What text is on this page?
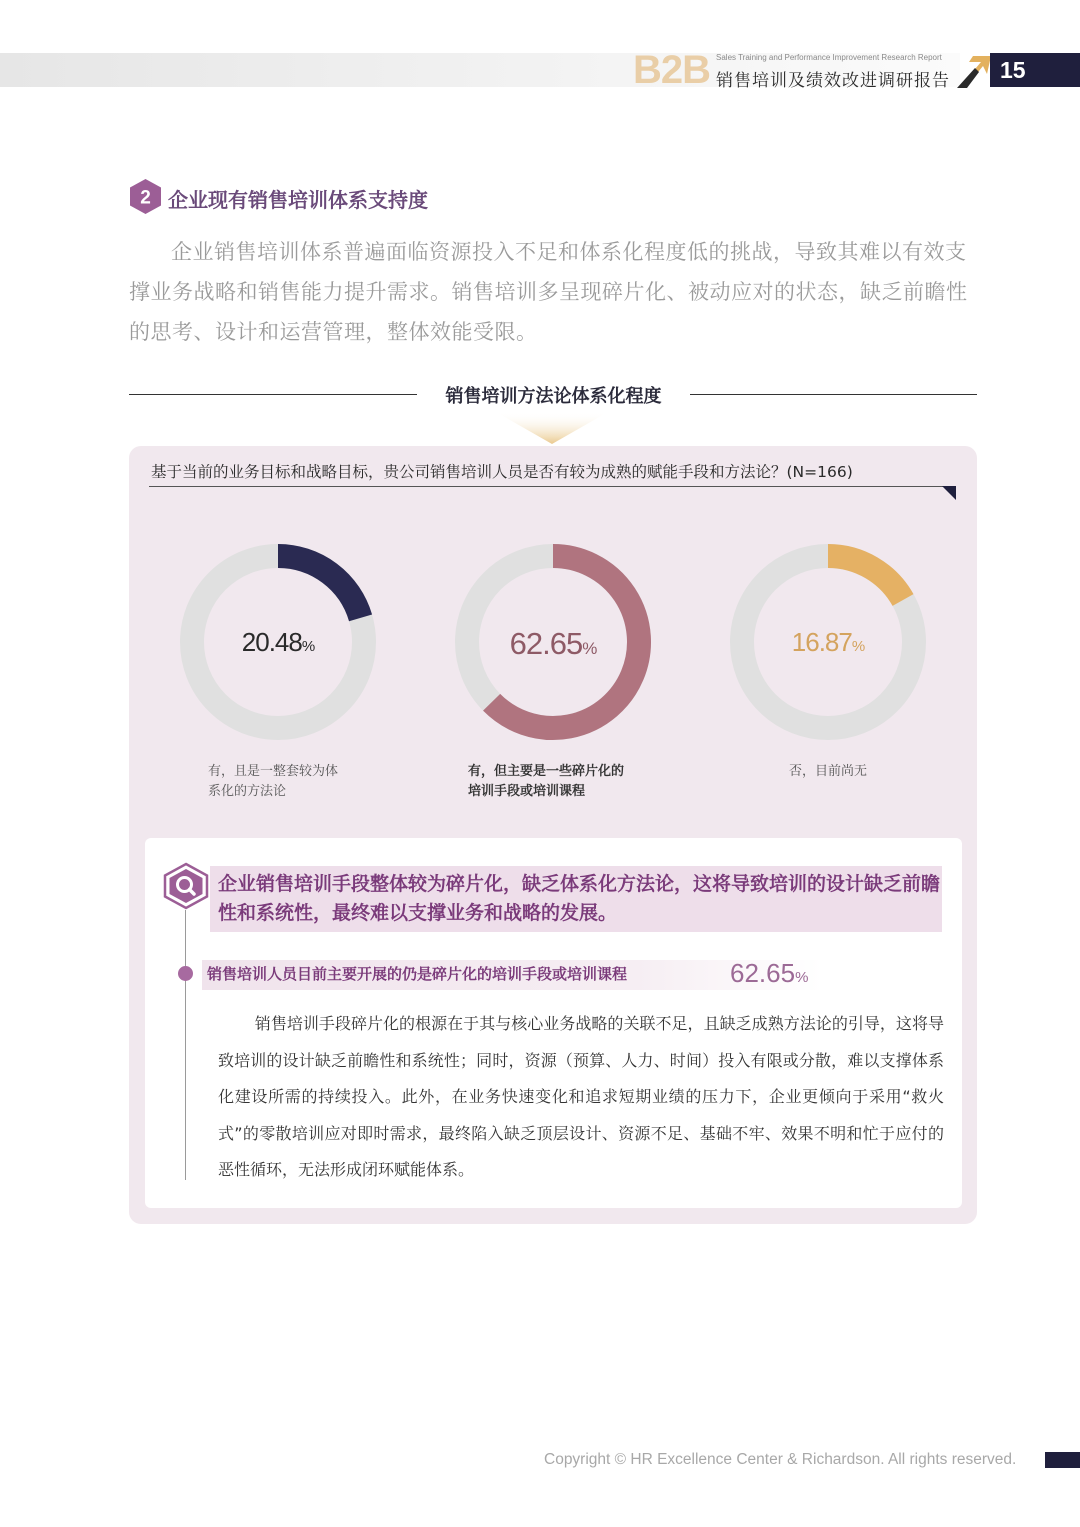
B2B Sales Training and Performance Improvement Research Report
销售培训及绩效改进调研报告 15
2 企业现有销售培训体系支持度

企业销售培训体系普遍面临资源投入不足和体系化程度低的挑战，导致其难以有效支撑业务战略和销售能力提升需求。销售培训多呈现碎片化、被动应对的状态，缺乏前瞻性的思考、设计和运营管理，整体效能受限。

销售培训方法论体系化程度
基于当前的业务目标和战略目标，贵公司销售培训人员是否有较为成熟的赋能手段和方法论？(N=166)
20.48%	62.65%	16.87%
有，且是一整套较为体
系化的方法论
有，但主要是一些碎片化的
培训手段或培训课程
否，目前尚无
企业销售培训手段整体较为碎片化，缺乏体系化方法论，这将导致培训的设计缺乏前瞻性和系统性，最终难以支撑业务和战略的发展。
销售培训人员目前主要开展的仍是碎片化的培训手段或培训课程	62.65%

销售培训手段碎片化的根源在于其与核心业务战略的关联不足，且缺乏成熟方法论的引导，这将导致培训的设计缺乏前瞻性和系统性；同时，资源（预算、人力、时间）投入有限或分散，难以支撑体系化建设所需的持续投入。此外，在业务快速变化和追求短期业绩的压力下，企业更倾向于采用“救火式”的零散培训应对即时需求，最终陷入缺乏顶层设计、资源不足、基础不牢、效果不明和忙于应付的恶性循环，无法形成闭环赋能体系。

Copyright © HR Excellence Center & Richardson. All rights reserved.
